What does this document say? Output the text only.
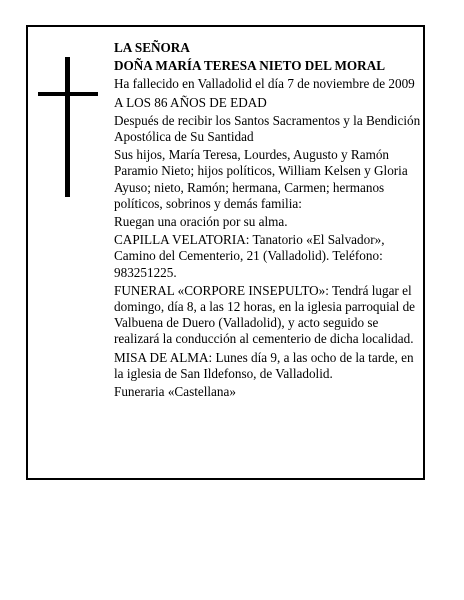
LA SEÑORA

DOÑA MARÍA TERESA NIETO DEL MORAL

Ha fallecido en Valladolid el día 7 de noviembre de 2009

A LOS 86 AÑOS DE EDAD

Después de recibir los Santos Sacramentos y la Bendición Apostólica de Su Santidad

Sus hijos, María Teresa, Lourdes, Augusto y Ramón Paramio Nieto; hijos políticos, William Kelsen y Gloria Ayuso; nieto, Ramón; hermana, Carmen; hermanos políticos, sobrinos y demás familia:

Ruegan una oración por su alma.

CAPILLA VELATORIA: Tanatorio «El Salvador», Camino del Cementerio, 21 (Valladolid). Teléfono: 983251225.

FUNERAL «CORPORE INSEPULTO»: Tendrá lugar el domingo, día 8, a las 12 horas, en la iglesia parroquial de Valbuena de Duero (Valladolid), y acto seguido se realizará la conducción al cementerio de dicha localidad.

MISA DE ALMA: Lunes día 9, a las ocho de la tarde, en la iglesia de San Ildefonso, de Valladolid.

Funeraria «Castellana»
